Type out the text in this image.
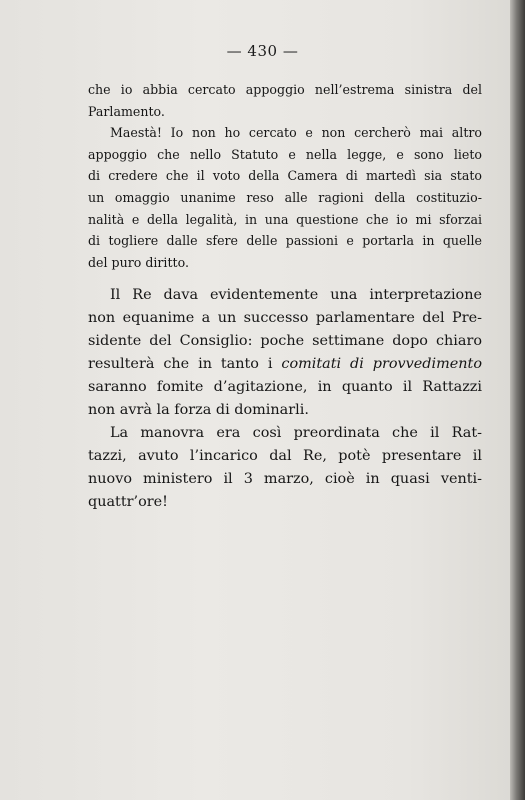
— 430 —
che io abbia cercato appoggio nell’estrema sinistra del
Parlamento.
Maestà! Io non ho cercato e non cercherò mai altro
appoggio che nello Statuto e nella legge, e sono lieto
di credere che il voto della Camera di martedì sia stato
un omaggio unanime reso alle ragioni della costituzio-
nalità e della legalità, in una questione che io mi sforzai
di togliere dalle sfere delle passioni e portarla in quelle
del puro diritto.
Il Re dava evidentemente una interpretazione
non equanime a un successo parlamentare del Pre-
sidente del Consiglio: poche settimane dopo chiaro
resulterà che in tanto i comitati di provvedimento
saranno fomite d’agitazione, in quanto il Rattazzi
non avrà la forza di dominarli.
La manovra era così preordinata che il Rat-
tazzi, avuto l’incarico dal Re, potè presentare il
nuovo ministero il 3 marzo, cioè in quasi venti-
quattr’ore!
